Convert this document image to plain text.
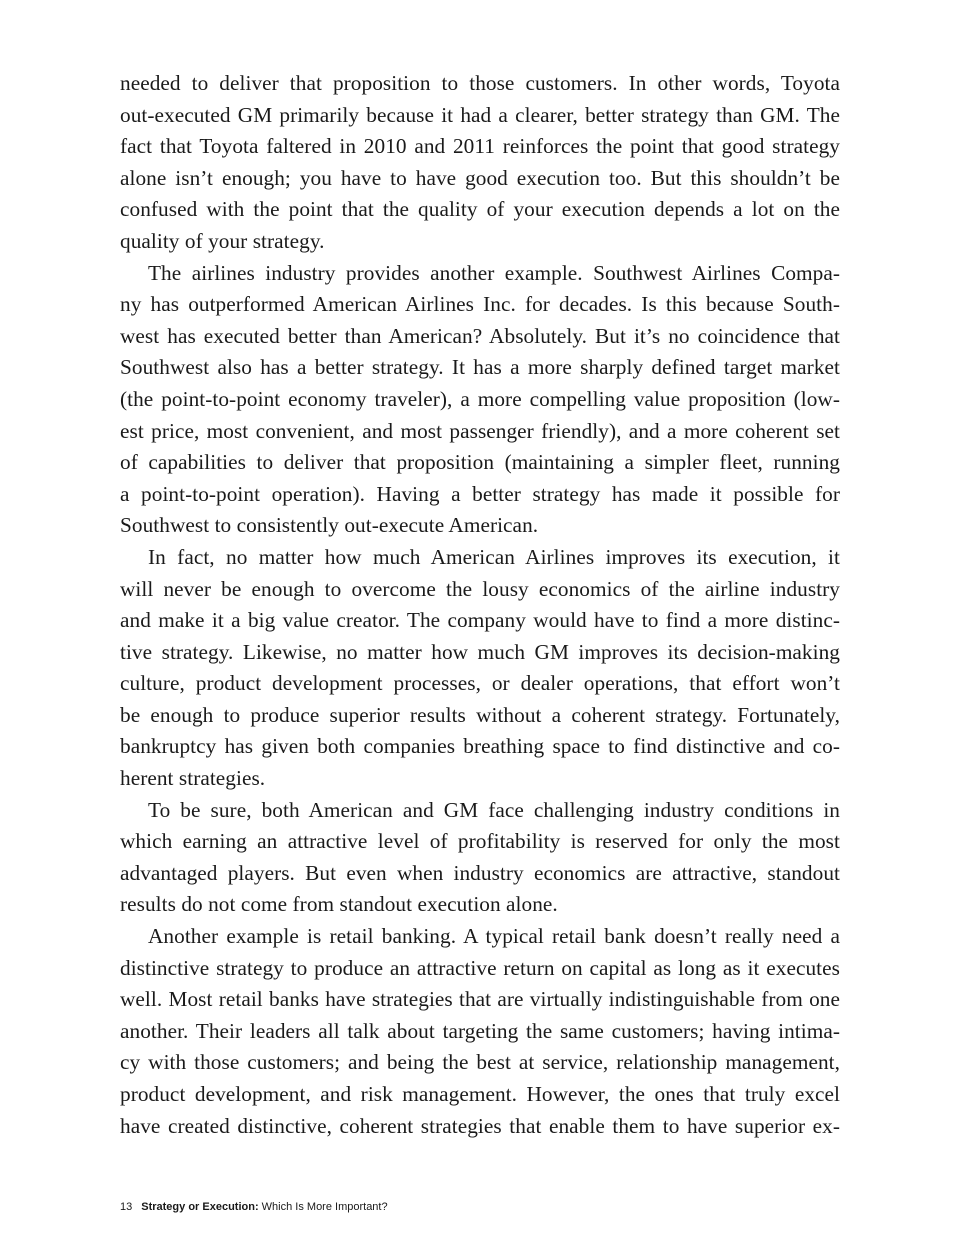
needed to deliver that proposition to those customers. In other words, Toyota
out-executed GM primarily because it had a clearer, better strategy than GM. The
fact that Toyota faltered in 2010 and 2011 reinforces the point that good strategy
alone isn’t enough; you have to have good execution too. But this shouldn’t be
confused with the point that the quality of your execution depends a lot on the
quality of your strategy.
The airlines industry provides another example. Southwest Airlines Compa-
ny has outperformed American Airlines Inc. for decades. Is this because South-
west has executed better than American? Absolutely. But it’s no coincidence that
Southwest also has a better strategy. It has a more sharply defined target market
(the point-to-point economy traveler), a more compelling value proposition (low-
est price, most convenient, and most passenger friendly), and a more coherent set
of capabilities to deliver that proposition (maintaining a simpler fleet, running
a point-to-point operation). Having a better strategy has made it possible for
Southwest to consistently out-execute American.
In fact, no matter how much American Airlines improves its execution, it
will never be enough to overcome the lousy economics of the airline industry
and make it a big value creator. The company would have to find a more distinc-
tive strategy. Likewise, no matter how much GM improves its decision-making
culture, product development processes, or dealer operations, that effort won’t
be enough to produce superior results without a coherent strategy. Fortunately,
bankruptcy has given both companies breathing space to find distinctive and co-
herent strategies.
To be sure, both American and GM face challenging industry conditions in
which earning an attractive level of profitability is reserved for only the most
advantaged players. But even when industry economics are attractive, standout
results do not come from standout execution alone.
Another example is retail banking. A typical retail bank doesn’t really need a
distinctive strategy to produce an attractive return on capital as long as it executes
well. Most retail banks have strategies that are virtually indistinguishable from one
another. Their leaders all talk about targeting the same customers; having intima-
cy with those customers; and being the best at service, relationship management,
product development, and risk management. However, the ones that truly excel
have created distinctive, coherent strategies that enable them to have superior ex-
13 Strategy or Execution: Which Is More Important?
